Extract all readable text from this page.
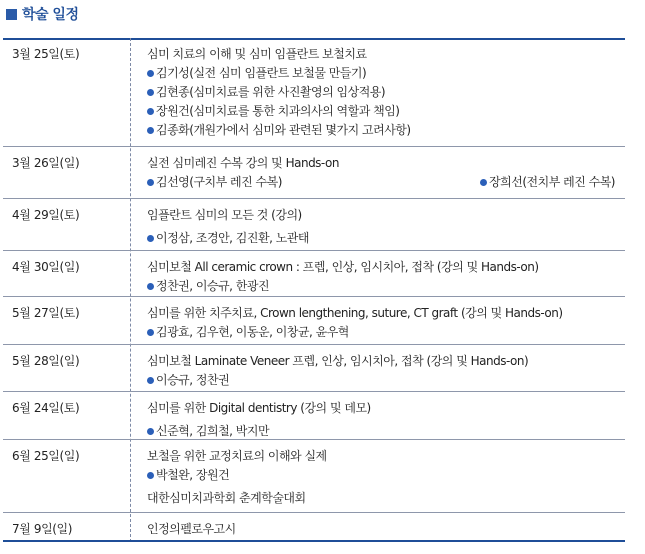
학술 일정
3월 25일(토)	심미 치료의 이해 및 심미 임플란트 보철치료
김기성(실전 심미 임플란트 보철물 만들기)
김현종(심미치료를 위한 사진촬영의 임상적용)
장원건(심미치료를 통한 치과의사의 역할과 책임)
김종화(개원가에서 심미와 관련된 몇가지 고려사항)
3월 26일(일)	실전 심미레진 수복 강의 및 Hands-on
김선영(구치부 레진 수복)	장희선(전치부 레진 수복)
4월 29일(토)	임플란트 심미의 모든 것 (강의)
이정삼, 조경안, 김진환, 노관태
4월 30일(일)	심미보철 All ceramic crown : 프렙, 인상, 임시치아, 접착 (강의 및 Hands-on)
정찬권, 이승규, 한광진
5월 27일(토)	심미를 위한 치주치료, Crown lengthening, suture, CT graft (강의 및 Hands-on)
김광효, 김우현, 이동운, 이창균, 윤우혁
5월 28일(일)	심미보철 Laminate Veneer 프렙, 인상, 임시치아, 접착 (강의 및 Hands-on)
이승규, 정찬권
6월 24일(토)	심미를 위한 Digital dentistry (강의 및 데모)
신준혁, 김희철, 박지만
6월 25일(일)	보철을 위한 교정치료의 이해와 실제
박철완, 장원건
대한심미치과학회 춘계학술대회
7월 9일(일)	인정의펠로우고시
